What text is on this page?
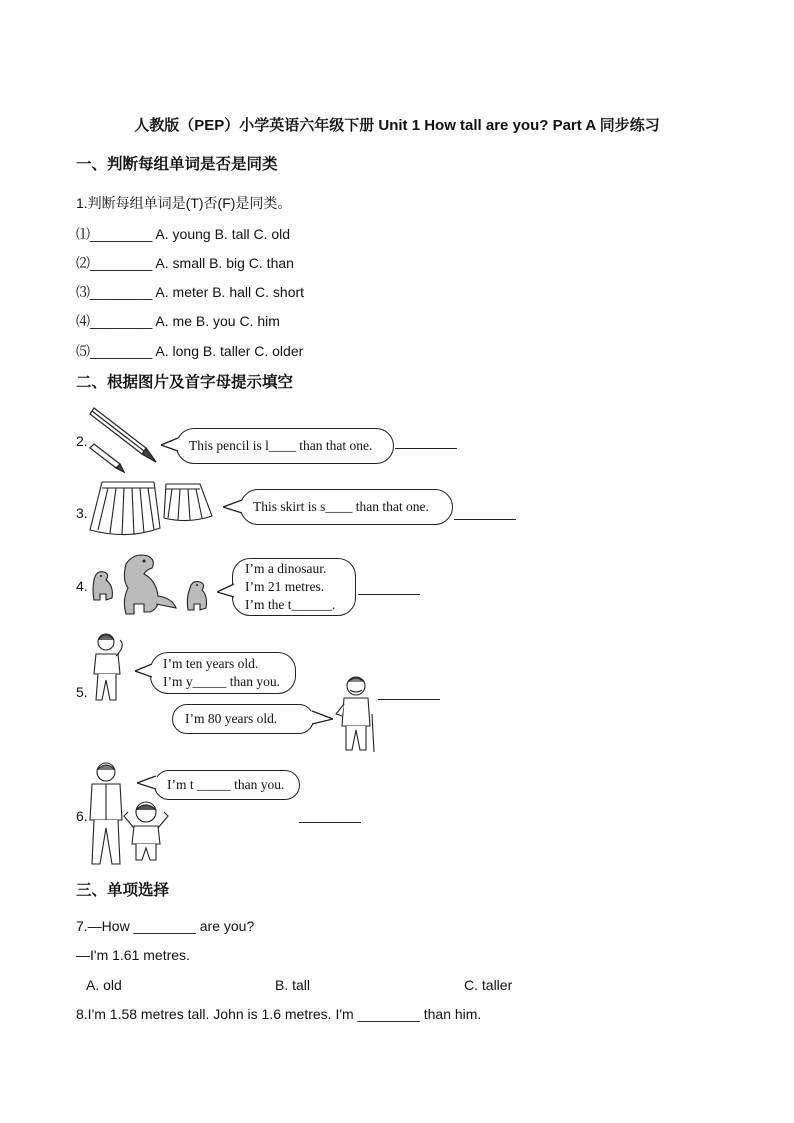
人教版（PEP）小学英语六年级下册 Unit 1 How tall are you? Part A 同步练习
一、判断每组单词是否是同类
1.判断每组单词是(T)否(F)是同类。
⑴________ A. young B. tall C. old
⑵________ A. small B. big C. than
⑶________ A. meter B. hall C. short
⑷________ A. me B. you C. him
⑸________ A. long B. taller C. older
二、根据图片及首字母提示填空
2.	This pencil is l____ than that one.
3.	This skirt is s____ than that one.
4.
I’m a dinosaur.
I’m 21 metres.
I’m the t______.
5.
I’m ten years old.
I’m y_____ than you.
I’m 80 years old.
6.
I’m t _____ than you.
三、单项选择
7.—How ________ are you?
—I'm 1.61 metres.
A. old	B. tall	C. taller
8.I'm 1.58 metres tall. John is 1.6 metres. I'm ________ than him.
